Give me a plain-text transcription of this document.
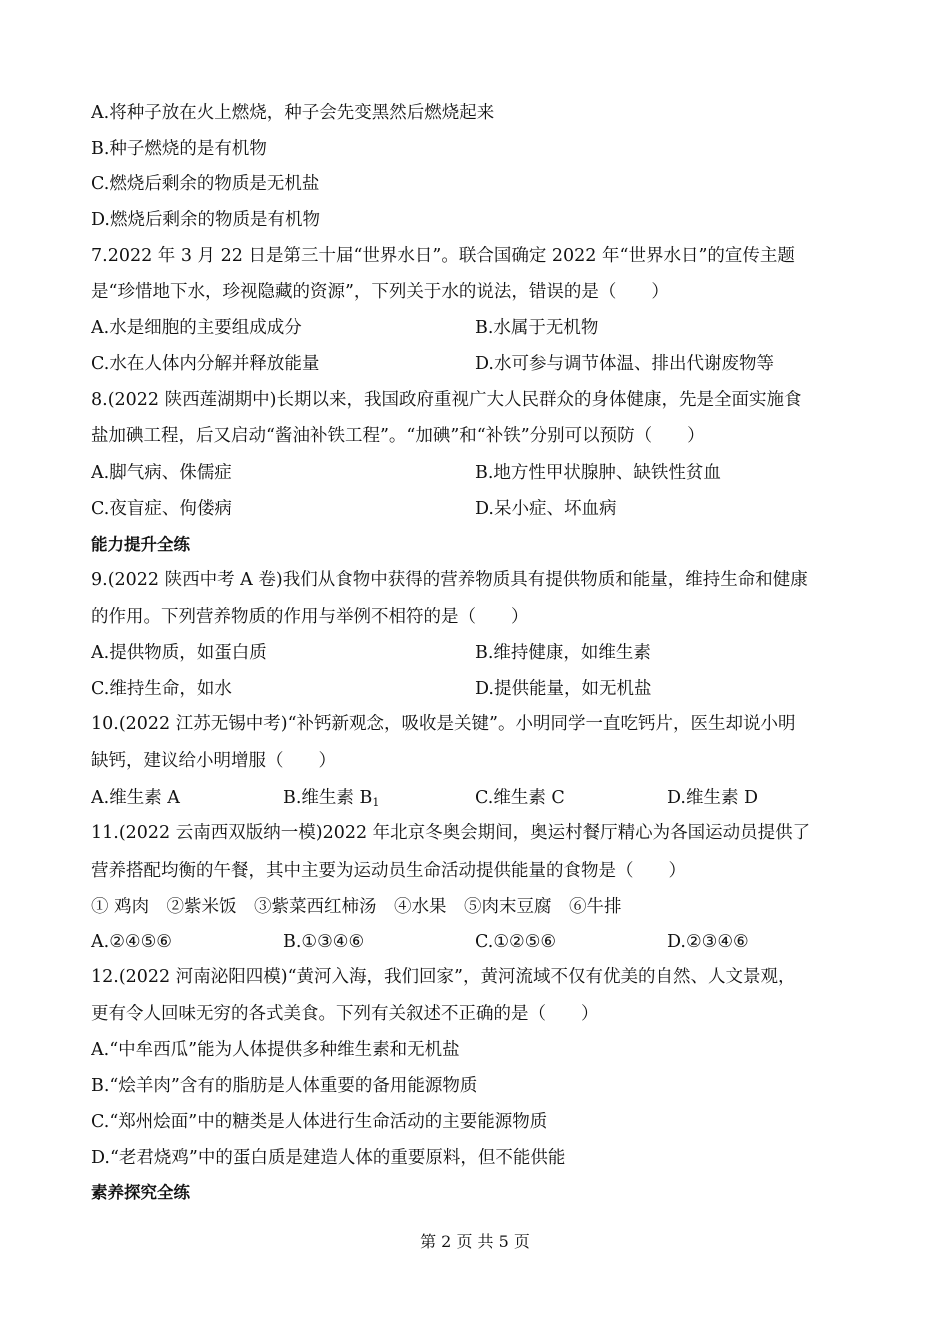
A.将种子放在火上燃烧，种子会先变黑然后燃烧起来
B.种子燃烧的是有机物
C.燃烧后剩余的物质是无机盐
D.燃烧后剩余的物质是有机物
7.2022 年 3 月 22 日是第三十届“世界水日”。联合国确定 2022 年“世界水日”的宣传主题
是“珍惜地下水，珍视隐藏的资源”，下列关于水的说法，错误的是（　　）
A.水是细胞的主要组成成分	B.水属于无机物
C.水在人体内分解并释放能量	D.水可参与调节体温、排出代谢废物等
8.(2022 陕西莲湖期中)长期以来，我国政府重视广大人民群众的身体健康，先是全面实施食
盐加碘工程，后又启动“酱油补铁工程”。“加碘”和“补铁”分别可以预防（　　）
A.脚气病、侏儒症	B.地方性甲状腺肿、缺铁性贫血
C.夜盲症、佝偻病	D.呆小症、坏血病
能力提升全练
9.(2022 陕西中考 A 卷)我们从食物中获得的营养物质具有提供物质和能量，维持生命和健康
的作用。下列营养物质的作用与举例不相符的是（　　）
A.提供物质，如蛋白质	B.维持健康，如维生素
C.维持生命，如水	D.提供能量，如无机盐
10.(2022 江苏无锡中考)“补钙新观念，吸收是关键”。小明同学一直吃钙片，医生却说小明
缺钙，建议给小明增服（　　）
A.维生素 A	B.维生素 $B_1$	C.维生素 C	D.维生素 D
11.(2022 云南西双版纳一模)2022 年北京冬奥会期间，奥运村餐厅精心为各国运动员提供了
营养搭配均衡的午餐，其中主要为运动员生命活动提供能量的食物是（　　）
① 鸡肉　②紫米饭　③紫菜西红柿汤　④水果　⑤肉末豆腐　⑥牛排
A.②④⑤⑥	B.①③④⑥	C.①②⑤⑥	D.②③④⑥
12.(2022 河南泌阳四模)“黄河入海，我们回家”，黄河流域不仅有优美的自然、人文景观，
更有令人回味无穷的各式美食。下列有关叙述不正确的是（　　）
A.“中牟西瓜”能为人体提供多种维生素和无机盐
B.“烩羊肉”含有的脂肪是人体重要的备用能源物质
C.“郑州烩面”中的糖类是人体进行生命活动的主要能源物质
D.“老君烧鸡”中的蛋白质是建造人体的重要原料，但不能供能
素养探究全练
第 2 页 共 5 页
